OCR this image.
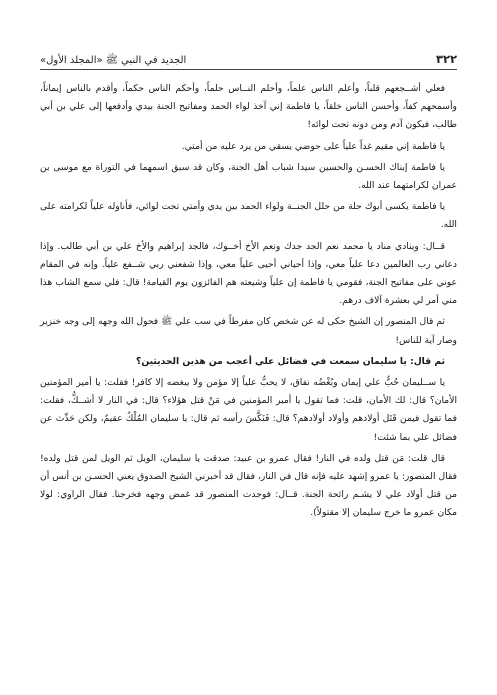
٣٢٢
الجديد في النبي ﷺ «المجلد الأول»

فعلي أشــجعهم قلباً، وأعلم الناس علماً، وأحلم النــاس حلماً، وأحكم الناس حكماً، وأقدم بالناس إيماناً، وأسمحهم كفاً، وأحسن الناس خلقاً، يا فاطمة إني آخذ لواء الحمد ومفاتيح الجنة بيدي وأدفعها إلى علي بن أبي طالب، فيكون آدم ومن دونه تحت لوائه!

يا فاطمة إني مقيم غداً علياً على حوضي يسقي من يرد عليه من أمتي.

يا فاطمة إبناك الحسـن والحسين سيدا شباب أهل الجنة، وكان قد سبق اسمهما في التوراة مع موسى بن عمران لكرامتهما عند الله.

يا فاطمة يكسى أبوك حلة من حلل الجنــة ولواء الحمد بين يدي وأمتي تحت لوائي، فأناوله علياً لكرامته على الله.

قــال: وينادي مناد يا محمد نعم الجد جدك ونعم الأخ أخــوك، فالجد إبراهيم والأخ علي بن أبي طالب. وإذا دعاني رب العالمين دعا علياً معي، وإذا أحياني أحيى علياً معي، وإذا شفعني ربي شــفع علياً. وإنه في المقام عوني على مفاتيح الجنة، فقومي يا فاطمة إن علياً وشيعته هم الفائزون يوم القيامة! قال: فلي سمع الشاب هذا مني أمر لي بعشرة آلاف درهم.

ثم قال المنصور إن الشيخ حكى له عن شخص كان مفرطاً في سب علي ﷺ فحول الله وجهه إلى وجه خنزير وصار آية للناس!

ثم قال: يا سليمان سمعت في فضائل علي أعجب من هذين الحديثين؟

يا ســليمان حُبُّ علي إيمان وبُغْضُه نفاق، لا يحبُّ علياً إلا مؤمن ولا يبغضه إلا كافر! فقلت: يا أمير المؤمنين الأمان؟ قال: لك الأمان، قلت: فما تقول يا أمير المؤمنين في مَنْ قتل هؤلاء؟ قال: في النار لا أشــكُّ، فقلت: فما تقول فيمن قَتَل أولادهم وأولاد أولادهم؟ قال: فَنَكَّسَ رأسه ثم قال: يا سليمان المُلْكُ عقيمٌ، ولكن حَدِّث عن فضائل علي بما شئت!

قال قلت: مَن قتل ولده في النار! فقال عمرو بن عبيد: صدقت يا سليمان، الويل ثم الويل لمن قتل ولده! فقال المنصور: يا عمرو إشهد عليه فإنه قال في النار، فقال قد أخبرني الشيخ الصدوق يعني الحسـن بن أنس أن من قتل أولاد علي لا يشـم رائحة الجنة. قــال: فوجدت المنصور قد غمض وجهه فخرجنا. فقال الراوي: لولا مكان عمرو ما خرج سليمان إلا مقتولاً).
